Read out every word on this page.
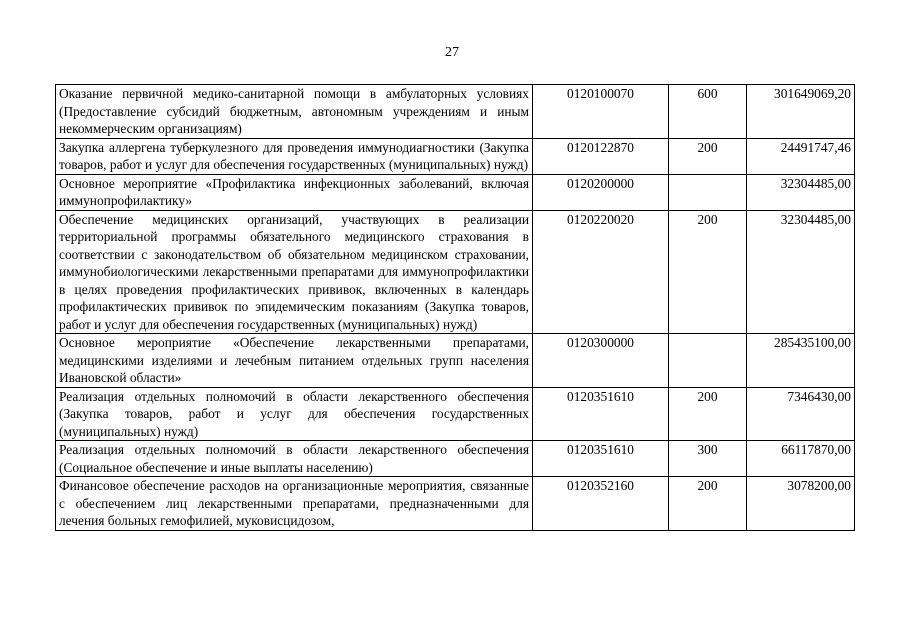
27
Оказание первичной медико-санитарной помощи в амбулаторных условиях (Предоставление субсидий бюджетным, автономным учреждениям и иным некоммерческим организациям)	0120100070	600	301649069,20
Закупка аллергена туберкулезного для проведения иммунодиагностики (Закупка товаров, работ и услуг для обеспечения государственных (муниципальных) нужд)	0120122870	200	24491747,46
Основное мероприятие «Профилактика инфекционных заболеваний, включая иммунопрофилактику»	0120200000		32304485,00
Обеспечение медицинских организаций, участвующих в реализации территориальной программы обязательного медицинского страхования в соответствии с законодательством об обязательном медицинском страховании, иммунобиологическими лекарственными препаратами для иммунопрофилактики в целях проведения профилактических прививок, включенных в календарь профилактических прививок по эпидемическим показаниям (Закупка товаров, работ и услуг для обеспечения государственных (муниципальных) нужд)	0120220020	200	32304485,00
Основное мероприятие «Обеспечение лекарственными препаратами, медицинскими изделиями и лечебным питанием отдельных групп населения Ивановской области»	0120300000		285435100,00
Реализация отдельных полномочий в области лекарственного обеспечения (Закупка товаров, работ и услуг для обеспечения государственных (муниципальных) нужд)	0120351610	200	7346430,00
Реализация отдельных полномочий в области лекарственного обеспечения (Социальное обеспечение и иные выплаты населению)	0120351610	300	66117870,00
Финансовое обеспечение расходов на организационные мероприятия, связанные с обеспечением лиц лекарственными препаратами, предназначенными для лечения больных гемофилией, муковисцидозом,	0120352160	200	3078200,00
